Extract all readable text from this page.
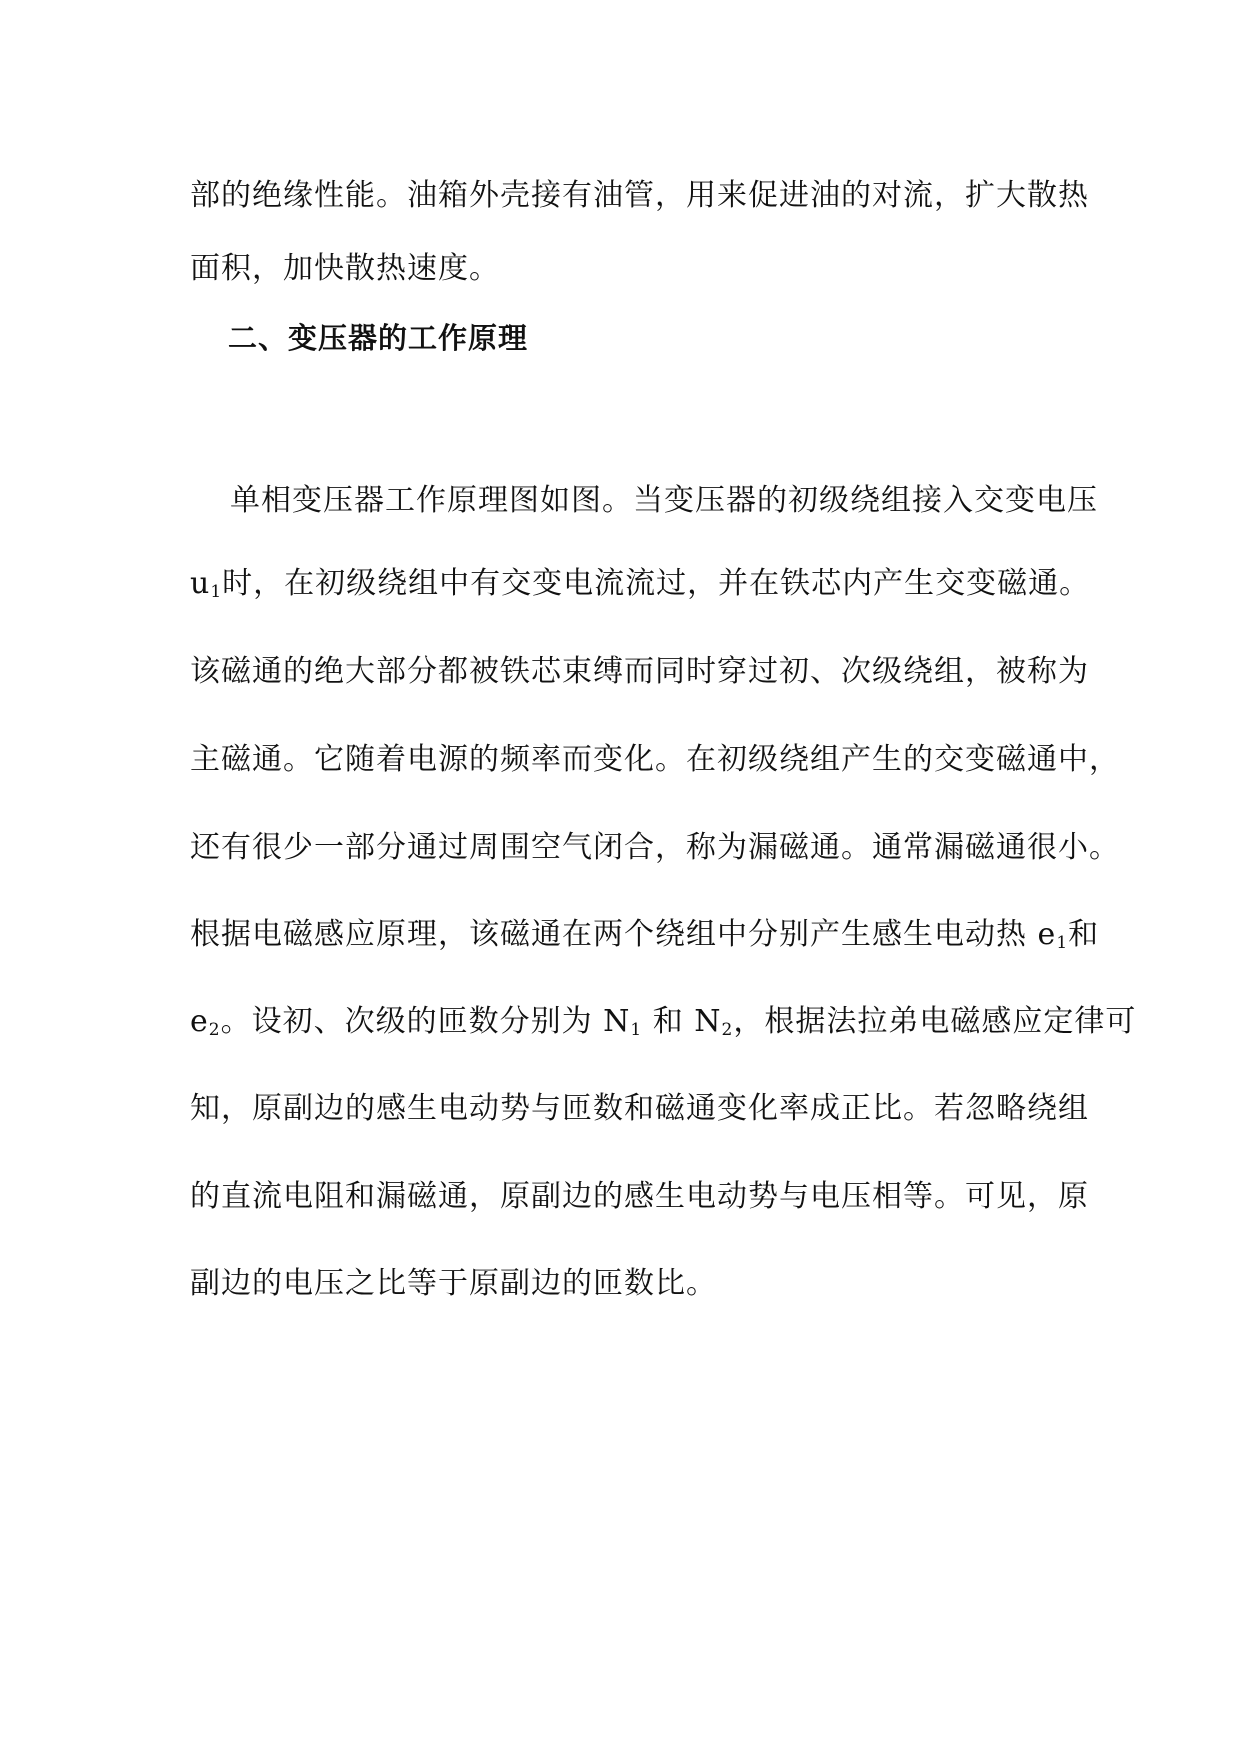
部的绝缘性能。油箱外壳接有油管，用来促进油的对流，扩大散热
面积，加快散热速度。
二、变压器的工作原理
单相变压器工作原理图如图。当变压器的初级绕组接入交变电压
$u_1$时，在初级绕组中有交变电流流过，并在铁芯内产生交变磁通。
该磁通的绝大部分都被铁芯束缚而同时穿过初、次级绕组，被称为
主磁通。它随着电源的频率而变化。在初级绕组产生的交变磁通中，
还有很少一部分通过周围空气闭合，称为漏磁通。通常漏磁通很小。
根据电磁感应原理，该磁通在两个绕组中分别产生感生电动热 $e_1$和
$e_2$。设初、次级的匝数分别为 $N_1$ 和 $N_2$，根据法拉弟电磁感应定律可
知，原副边的感生电动势与匝数和磁通变化率成正比。若忽略绕组
的直流电阻和漏磁通，原副边的感生电动势与电压相等。可见，原
副边的电压之比等于原副边的匝数比。
